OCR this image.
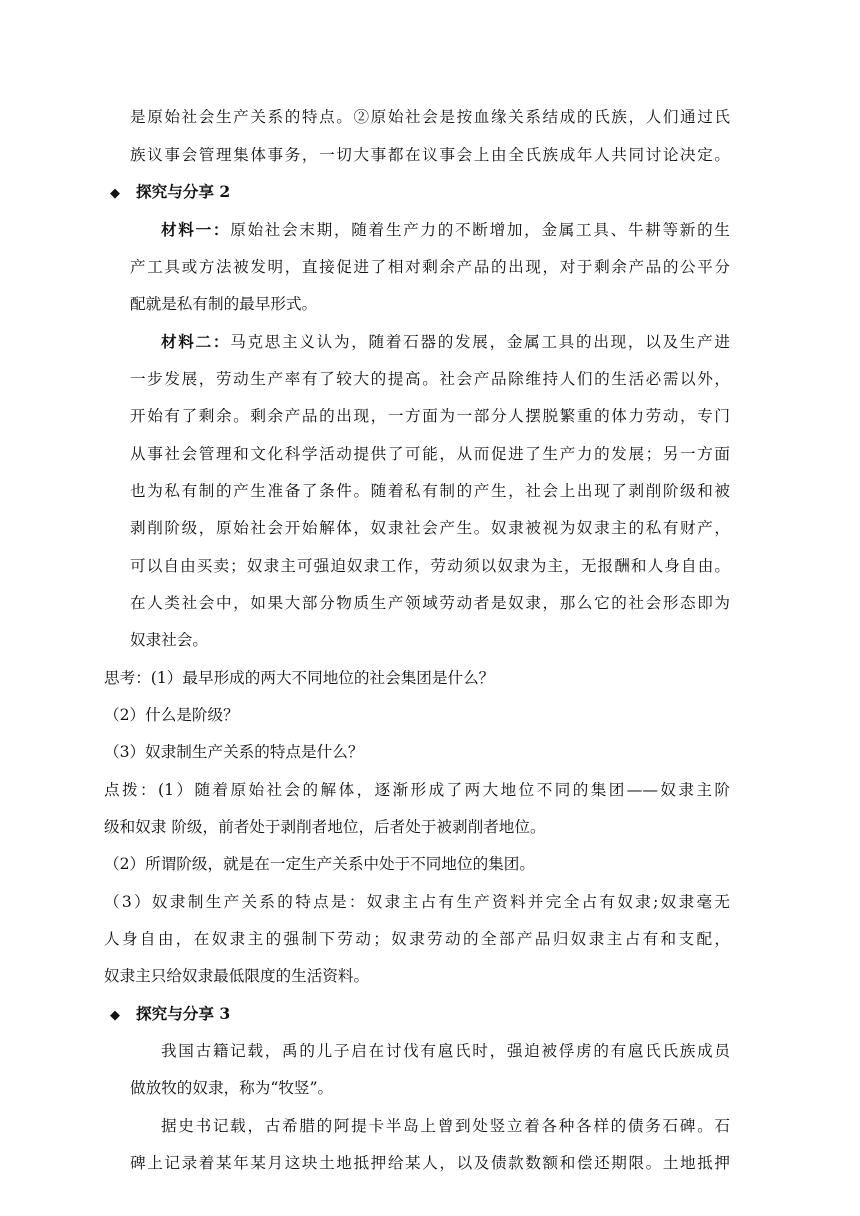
是原始社会生产关系的特点。②原始社会是按血缘关系结成的氏族，人们通过氏
族议事会管理集体事务，一切大事都在议事会上由全氏族成年人共同讨论决定。
◆ 探究与分享 2
材料一：原始社会末期，随着生产力的不断增加，金属工具、牛耕等新的生
产工具或方法被发明，直接促进了相对剩余产品的出现，对于剩余产品的公平分
配就是私有制的最早形式。
材料二：马克思主义认为，随着石器的发展，金属工具的出现，以及生产进
一步发展，劳动生产率有了较大的提高。社会产品除维持人们的生活必需以外，
开始有了剩余。剩余产品的出现，一方面为一部分人摆脱繁重的体力劳动，专门
从事社会管理和文化科学活动提供了可能，从而促进了生产力的发展；另一方面
也为私有制的产生准备了条件。随着私有制的产生，社会上出现了剥削阶级和被
剥削阶级，原始社会开始解体，奴隶社会产生。奴隶被视为奴隶主的私有财产，
可以自由买卖；奴隶主可强迫奴隶工作，劳动须以奴隶为主，无报酬和人身自由。
在人类社会中，如果大部分物质生产领域劳动者是奴隶，那么它的社会形态即为
奴隶社会。
思考：(1）最早形成的两大不同地位的社会集团是什么？
（2）什么是阶级？
（3）奴隶制生产关系的特点是什么？
点拨：(1）随着原始社会的解体，逐渐形成了两大地位不同的集团——奴隶主阶
级和奴隶 阶级，前者处于剥削者地位，后者处于被剥削者地位。
（2）所谓阶级，就是在一定生产关系中处于不同地位的集团。
（3）奴隶制生产关系的特点是：奴隶主占有生产资料并完全占有奴隶;奴隶毫无
人身自由，在奴隶主的强制下劳动；奴隶劳动的全部产品归奴隶主占有和支配，
奴隶主只给奴隶最低限度的生活资料。
◆ 探究与分享 3
我国古籍记载，禹的儿子启在讨伐有扈氏时，强迫被俘虏的有扈氏氏族成员
做放牧的奴隶，称为“牧竖”。
据史书记载，古希腊的阿提卡半岛上曾到处竖立着各种各样的债务石碑。石
碑上记录着某年某月这块土地抵押给某人，以及债款数额和偿还期限。土地抵押
